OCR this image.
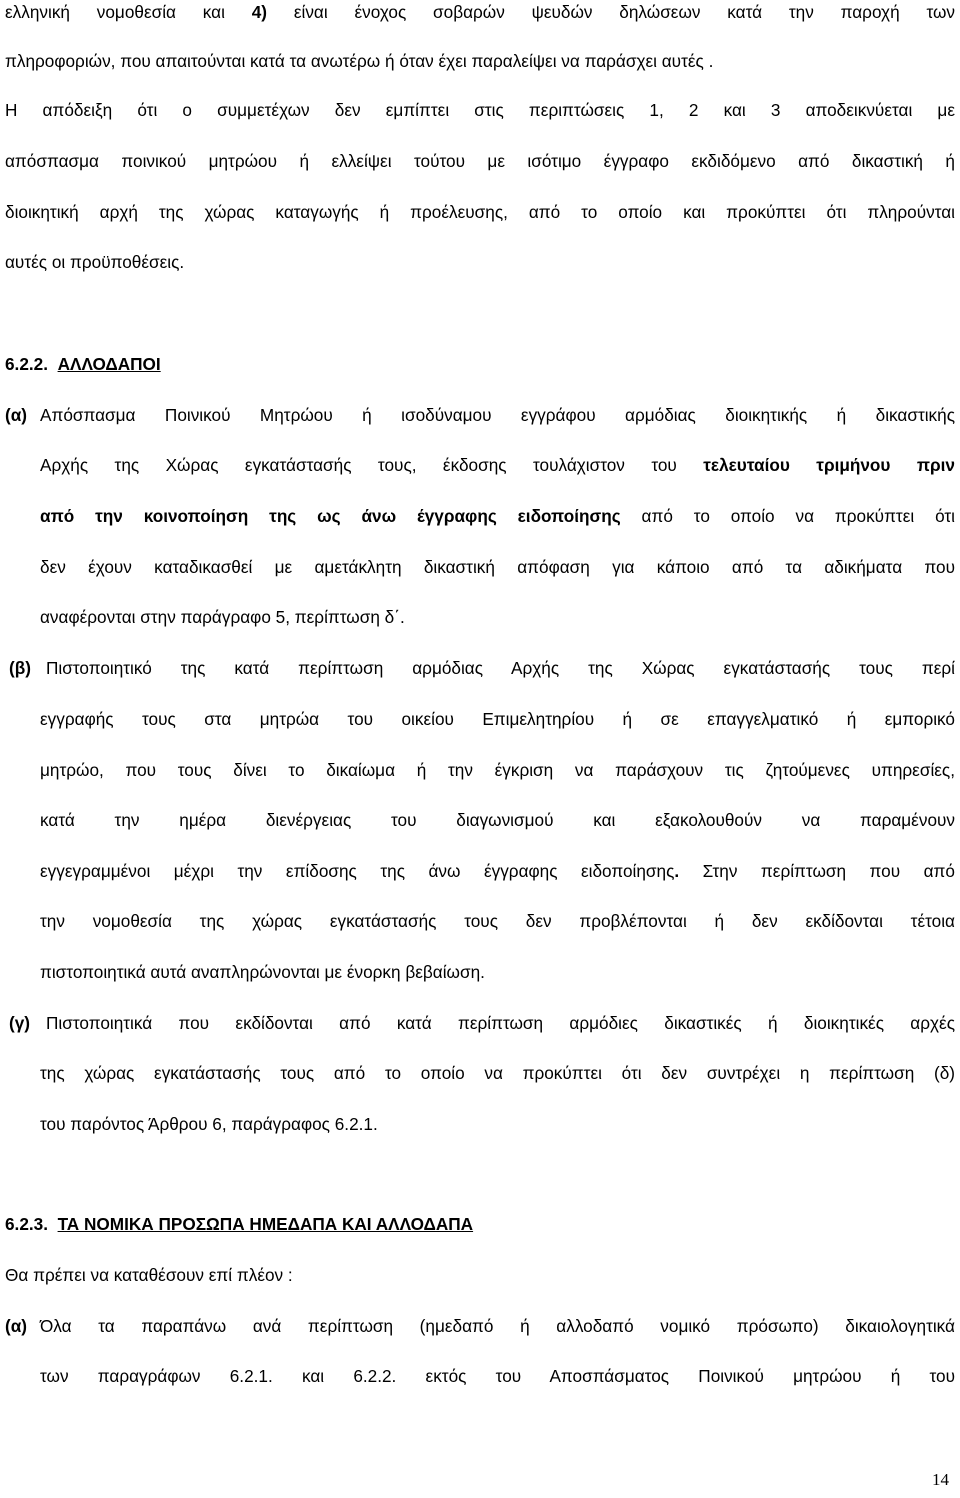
ελληνική νομοθεσία και 4) είναι ένοχος σοβαρών ψευδών δηλώσεων κατά την παροχή των
πληροφοριών, που απαιτούνται κατά τα ανωτέρω ή όταν έχει παραλείψει να παράσχει αυτές .
Η απόδειξη ότι ο συμμετέχων δεν εμπίπτει στις περιπτώσεις 1, 2 και 3 αποδεικνύεται με
απόσπασμα ποινικού μητρώου ή ελλείψει τούτου με ισότιμο έγγραφο εκδιδόμενο από δικαστική ή
διοικητική αρχή της χώρας καταγωγής ή προέλευσης, από το οποίο και προκύπτει ότι πληρούνται
αυτές οι προϋποθέσεις.
6.2.2. ΑΛΛΟΔΑΠΟΙ
(α) Απόσπασμα Ποινικού Μητρώου ή ισοδύναμου εγγράφου αρμόδιας διοικητικής ή δικαστικής
Αρχής της Χώρας εγκατάστασής τους, έκδοσης τουλάχιστον του τελευταίου τριμήνου πριν
από την κοινοποίηση της ως άνω έγγραφης ειδοποίησης από το οποίο να προκύπτει ότι
δεν έχουν καταδικασθεί με αμετάκλητη δικαστική απόφαση για κάποιο από τα αδικήματα που
αναφέρονται στην παράγραφο 5, περίπτωση δ΄.
(β) Πιστοποιητικό της κατά περίπτωση αρμόδιας Αρχής της Χώρας εγκατάστασής τους περί
εγγραφής τους στα μητρώα του οικείου Επιμελητηρίου ή σε επαγγελματικό ή εμπορικό
μητρώο, που τους δίνει το δικαίωμα ή την έγκριση να παράσχουν τις ζητούμενες υπηρεσίες,
κατά την ημέρα διενέργειας του διαγωνισμού και εξακολουθούν να παραμένουν
εγγεγραμμένοι μέχρι την επίδοσης της άνω έγγραφης ειδοποίησης. Στην περίπτωση που από
την νομοθεσία της χώρας εγκατάστασής τους δεν προβλέπονται ή δεν εκδίδονται τέτοια
πιστοποιητικά αυτά αναπληρώνονται με ένορκη βεβαίωση.
(γ) Πιστοποιητικά που εκδίδονται από κατά περίπτωση αρμόδιες δικαστικές ή διοικητικές αρχές
της χώρας εγκατάστασής τους από το οποίο να προκύπτει ότι δεν συντρέχει η περίπτωση (δ)
του παρόντος Άρθρου 6, παράγραφος 6.2.1.
6.2.3. ΤΑ ΝΟΜΙΚΑ ΠΡΟΣΩΠΑ ΗΜΕΔΑΠΑ ΚΑΙ ΑΛΛΟΔΑΠΑ
Θα πρέπει να καταθέσουν επί πλέον :
(α) Όλα τα παραπάνω ανά περίπτωση (ημεδαπό ή αλλοδαπό νομικό πρόσωπο) δικαιολογητικά
των παραγράφων 6.2.1. και 6.2.2. εκτός του Αποσπάσματος Ποινικού μητρώου ή του
14
